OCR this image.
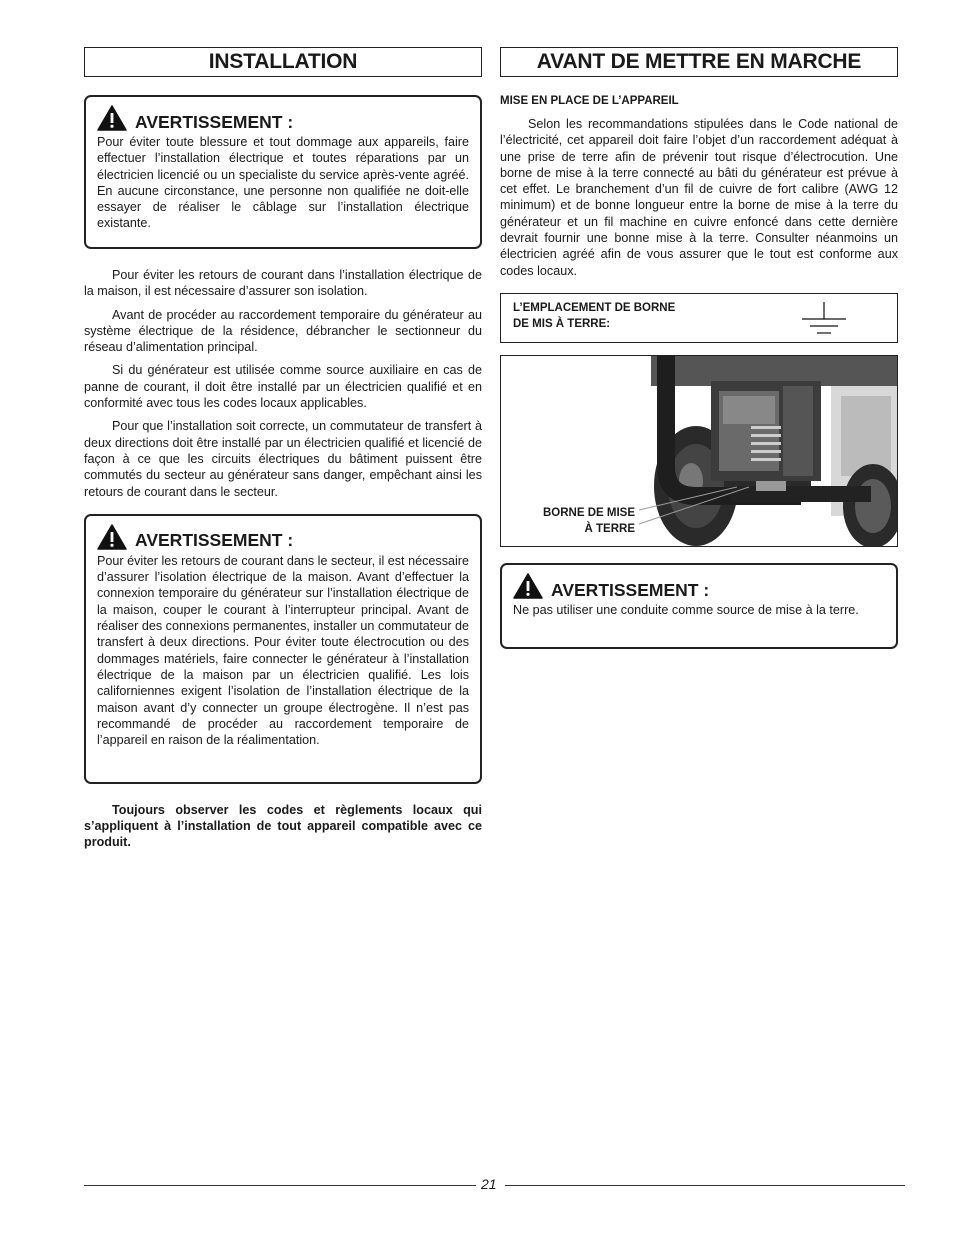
INSTALLATION
AVERTISSEMENT :
Pour éviter toute blessure et tout dommage aux appareils, faire effectuer l’installation électrique et toutes réparations par un électricien licencié ou un specialiste du service après-vente agréé. En aucune circonstance, une personne non qualifiée ne doit-elle essayer de réaliser le câblage sur l’installation électrique existante.

Pour éviter les retours de courant dans l’installation électrique de la maison, il est nécessaire d’assurer son isolation.

Avant de procéder au raccordement temporaire du générateur au système électrique de la résidence, débrancher le sectionneur du réseau d’alimentation principal.

Si du générateur est utilisée comme source auxiliaire en cas de panne de courant, il doit être installé par un électricien qualifié et en conformité avec tous les codes locaux applicables.

Pour que l’installation soit correcte, un commutateur de transfert à deux directions doit être installé par un électricien qualifié et licencié de façon à ce que les circuits électriques du bâtiment puissent être commutés du secteur au générateur sans danger, empêchant ainsi les retours de courant dans le secteur.

AVERTISSEMENT :
Pour éviter les retours de courant dans le secteur, il est nécessaire d’assurer l’isolation électrique de la maison. Avant d’effectuer la connexion temporaire du générateur sur l’installation électrique de la maison, couper le courant à l’interrupteur principal. Avant de réaliser des connexions permanentes, installer un commutateur de transfert à deux directions. Pour éviter toute électrocution ou des dommages matériels, faire connecter le générateur à l’installation électrique de la maison par un électricien qualifié. Les lois californiennes exigent l’isolation de l’installation électrique de la maison avant d’y connecter un groupe électrogène. Il n’est pas recommandé de procéder au raccordement temporaire de l’appareil en raison de la réalimentation.

Toujours observer les codes et règlements locaux qui s’appliquent à l’installation de tout appareil compatible avec ce produit.

AVANT DE METTRE EN MARCHE
MISE EN PLACE DE L’APPAREIL

Selon les recommandations stipulées dans le Code national de l’électricité, cet appareil doit faire l’objet d’un raccordement adéquat à une prise de terre afin de prévenir tout risque d’électrocution. Une borne de mise à la terre connecté au bâti du générateur est prévue à cet effet. Le branchement d’un fil de cuivre de fort calibre (AWG 12 minimum) et de bonne longueur entre la borne de mise à la terre du générateur et un fil machine en cuivre enfoncé dans cette dernière devrait fournir une bonne mise à la terre. Consulter néanmoins un électricien agréé afin de vous assurer que le tout est conforme aux codes locaux.

L’EMPLACEMENT DE BORNE
DE MIS À TERRE:
BORNE DE MISE
À TERRE
AVERTISSEMENT :
Ne pas utiliser une conduite comme source de mise à la terre.
21
